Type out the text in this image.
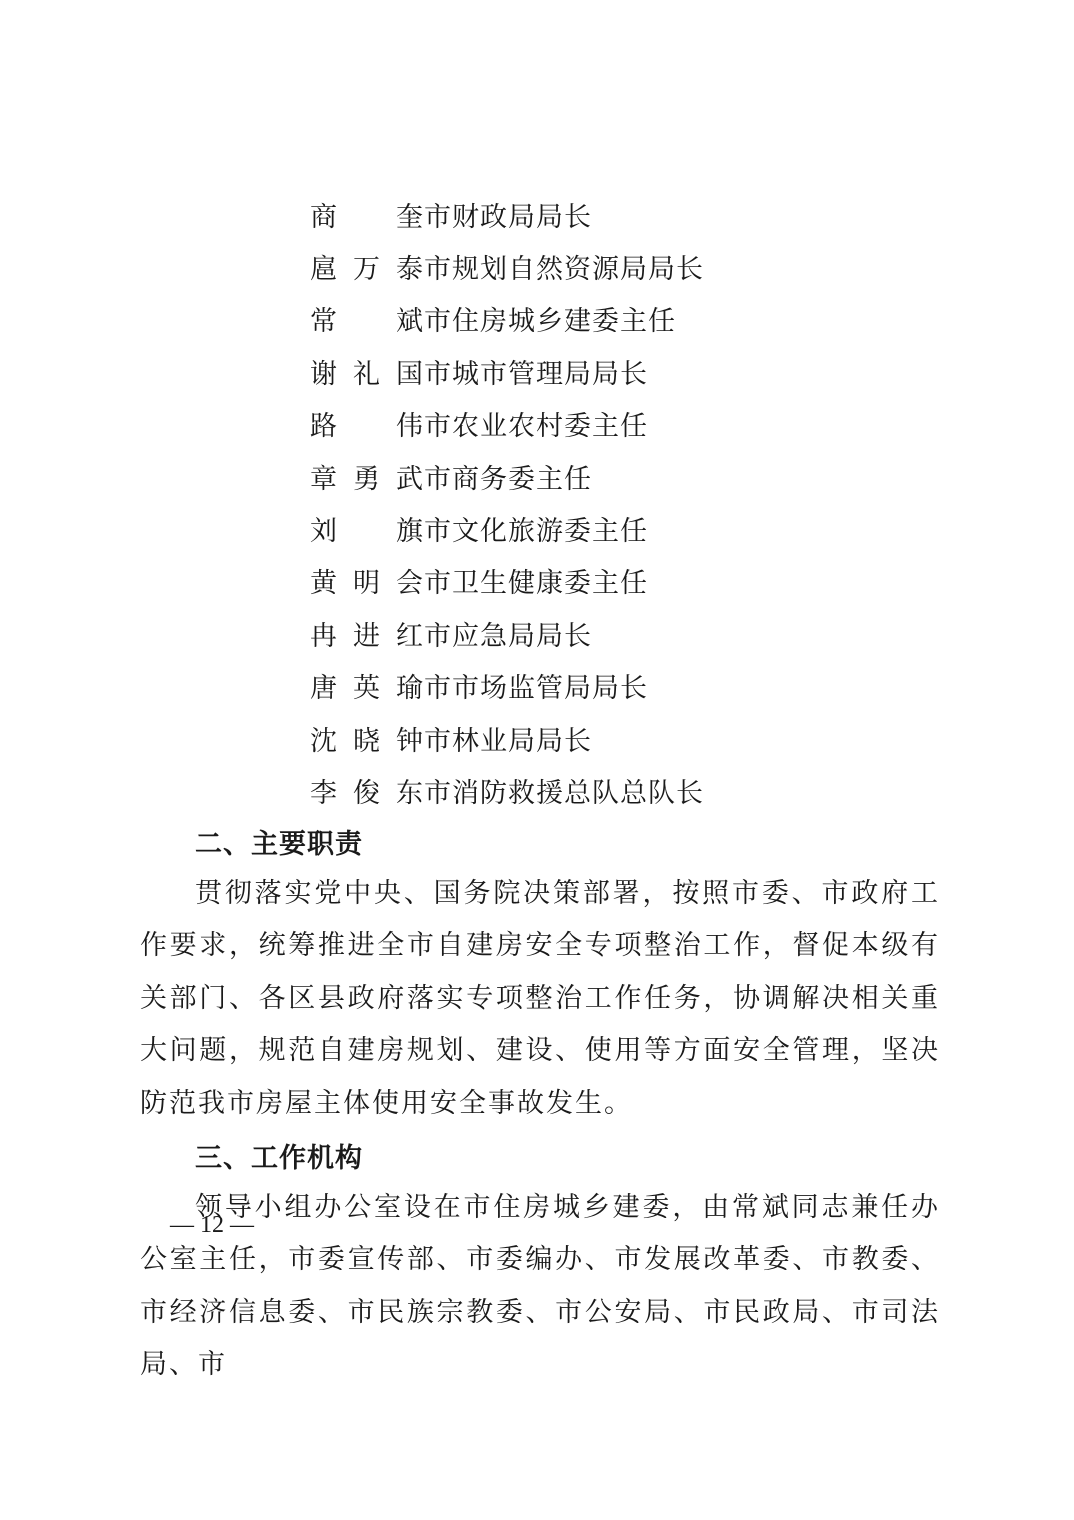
商 奎 市财政局局长
扈 万 泰 市规划自然资源局局长
常 斌 市住房城乡建委主任
谢 礼 国 市城市管理局局长
路 伟 市农业农村委主任
章 勇 武 市商务委主任
刘 旗 市文化旅游委主任
黄 明 会 市卫生健康委主任
冉 进 红 市应急局局长
唐 英 瑜 市市场监管局局长
沈 晓 钟 市林业局局长
李 俊 东 市消防救援总队总队长
二、主要职责
贯彻落实党中央、国务院决策部署，按照市委、市政府工作要求，统筹推进全市自建房安全专项整治工作，督促本级有关部门、各区县政府落实专项整治工作任务，协调解决相关重大问题，规范自建房规划、建设、使用等方面安全管理，坚决防范我市房屋主体使用安全事故发生。
三、工作机构
领导小组办公室设在市住房城乡建委，由常斌同志兼任办公室主任，市委宣传部、市委编办、市发展改革委、市教委、市经济信息委、市民族宗教委、市公安局、市民政局、市司法局、市
— 12 —
